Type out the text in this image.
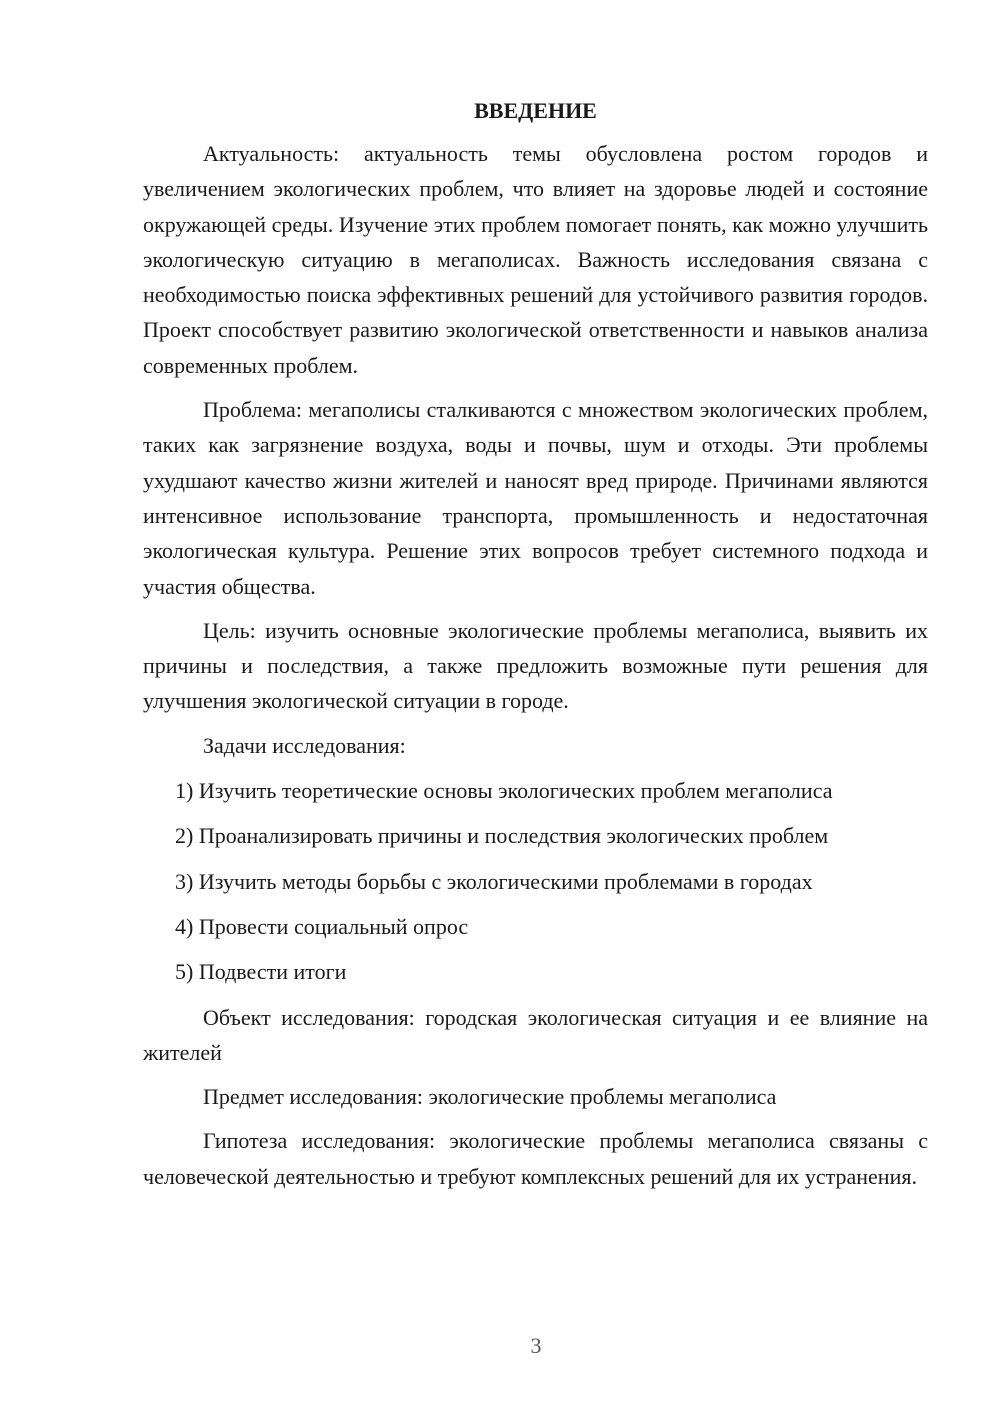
ВВЕДЕНИЕ

Актуальность: актуальность темы обусловлена ростом городов и увеличением экологических проблем, что влияет на здоровье людей и состояние окружающей среды. Изучение этих проблем помогает понять, как можно улучшить экологическую ситуацию в мегаполисах. Важность исследования связана с необходимостью поиска эффективных решений для устойчивого развития городов. Проект способствует развитию экологической ответственности и навыков анализа современных проблем.

Проблема: мегаполисы сталкиваются с множеством экологических проблем, таких как загрязнение воздуха, воды и почвы, шум и отходы. Эти проблемы ухудшают качество жизни жителей и наносят вред природе. Причинами являются интенсивное использование транспорта, промышленность и недостаточная экологическая культура. Решение этих вопросов требует системного подхода и участия общества.

Цель: изучить основные экологические проблемы мегаполиса, выявить их причины и последствия, а также предложить возможные пути решения для улучшения экологической ситуации в городе.

Задачи исследования:

1) Изучить теоретические основы экологических проблем мегаполиса
2) Проанализировать причины и последствия экологических проблем
3) Изучить методы борьбы с экологическими проблемами в городах
4) Провести социальный опрос
5) Подвести итоги

Объект исследования: городская экологическая ситуация и ее влияние на жителей

Предмет исследования: экологические проблемы мегаполиса

Гипотеза исследования: экологические проблемы мегаполиса связаны с человеческой деятельностью и требуют комплексных решений для их устранения.

3
